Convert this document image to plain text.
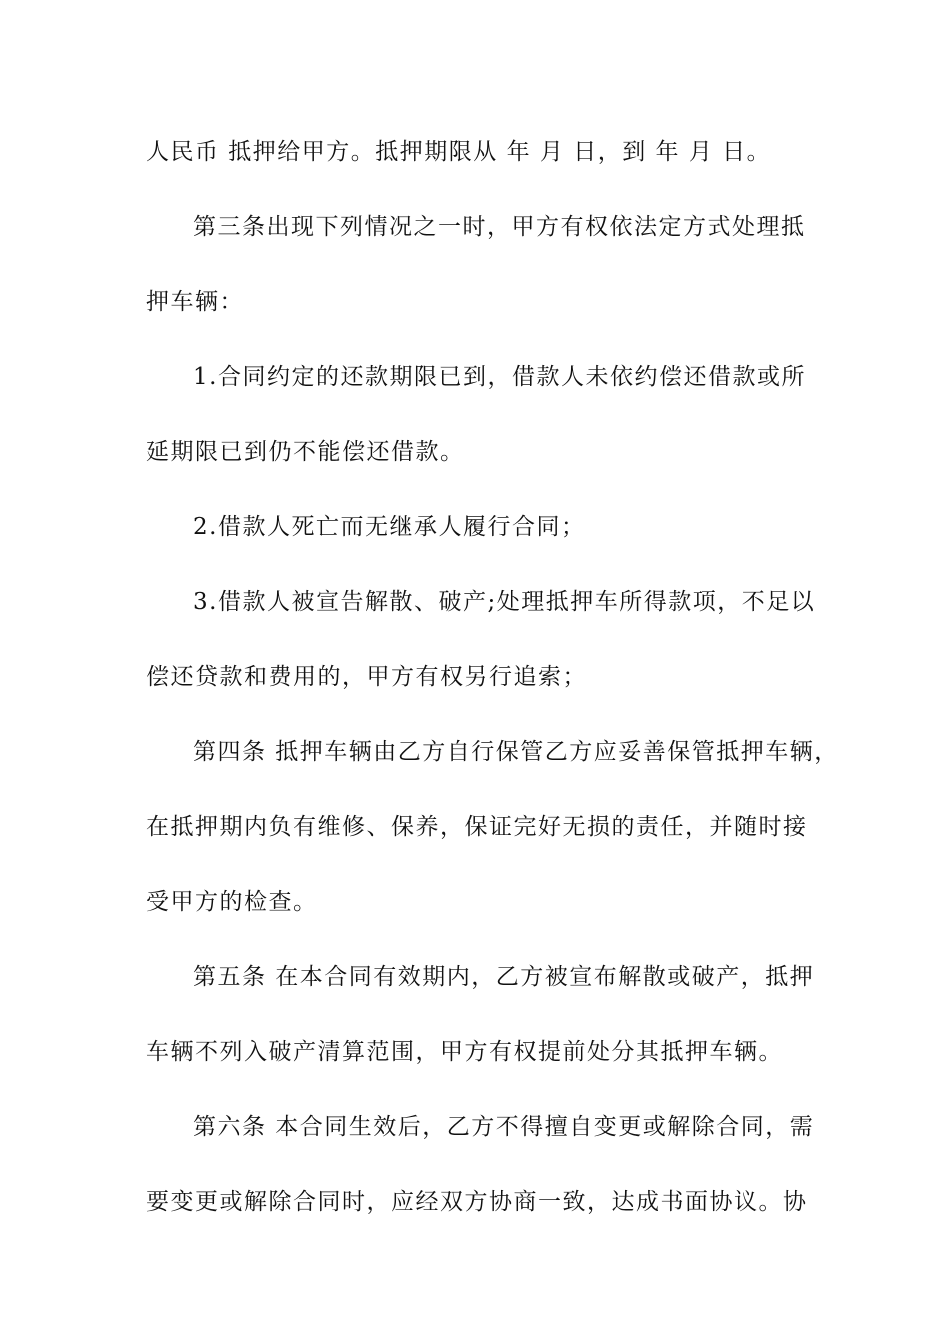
人民币 抵押给甲方。抵押期限从 年 月 日，到 年 月 日。
第三条出现下列情况之一时，甲方有权依法定方式处理抵
押车辆：
1.合同约定的还款期限已到，借款人未依约偿还借款或所
延期限已到仍不能偿还借款。
2.借款人死亡而无继承人履行合同；
3.借款人被宣告解散、破产;处理抵押车所得款项，不足以
偿还贷款和费用的，甲方有权另行追索；
第四条 抵押车辆由乙方自行保管乙方应妥善保管抵押车辆，
在抵押期内负有维修、保养，保证完好无损的责任，并随时接
受甲方的检查。
第五条 在本合同有效期内，乙方被宣布解散或破产，抵押
车辆不列入破产清算范围，甲方有权提前处分其抵押车辆。
第六条 本合同生效后，乙方不得擅自变更或解除合同，需
要变更或解除合同时，应经双方协商一致，达成书面协议。协
